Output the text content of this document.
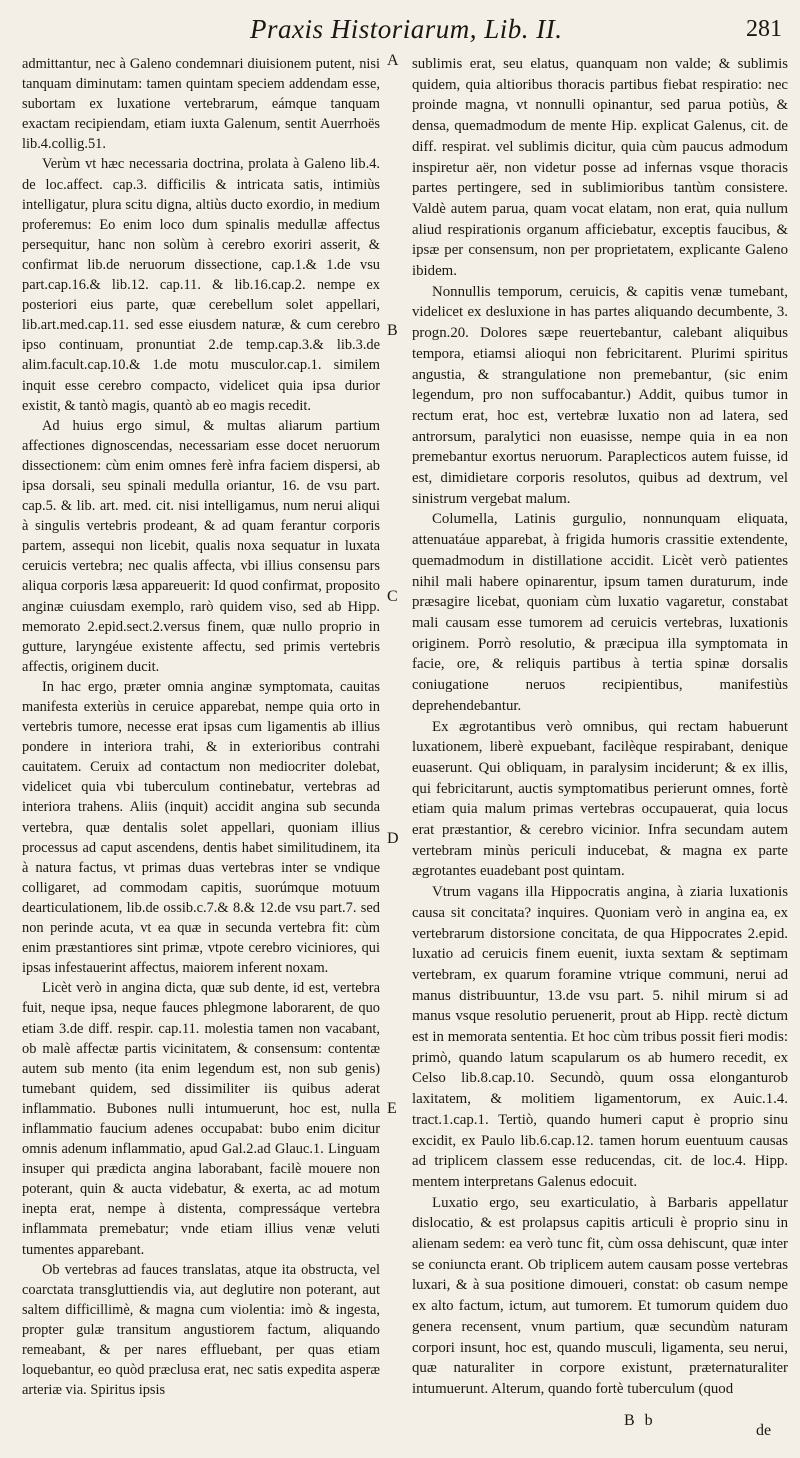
Praxis Historiarum, Lib. II.	281

admittantur, nec à Galeno condemnari diuisionem putent, nisi tanquam diminutam: tamen quintam speciem addendam esse, subortam ex luxatione vertebrarum, eámque tanquam exactam recipiendam, etiam iuxta Galenum, sentit Auerrhoës lib.4.collig.51.

Verùm vt hæc necessaria doctrina, prolata à Galeno lib.4. de loc.affect. cap.3. difficilis & intricata satis, intimiùs intelligatur, plura scitu digna, altiùs ducto exordio, in medium proferemus: Eo enim loco dum spinalis medullæ affectus persequitur, hanc non solùm à cerebro exoriri asserit, & confirmat lib.de neruorum dissectione, cap.1.& 1.de vsu part.cap.16.& lib.12. cap.11. & lib.16.cap.2. nempe ex posteriori eius parte, quæ cerebellum solet appellari, lib.art.med.cap.11. sed esse eiusdem naturæ, & cum cerebro ipso continuam, pronuntiat 2.de temp.cap.3.& lib.3.de alim.facult.cap.10.& 1.de motu musculor.cap.1. similem inquit esse cerebro compacto, videlicet quia ipsa durior existit, & tantò magis, quantò ab eo magis recedit.

Ad huius ergo simul, & multas aliarum partium affectiones dignoscendas, necessariam esse docet neruorum dissectionem: cùm enim omnes ferè infra faciem dispersi, ab ipsa dorsali, seu spinali medulla oriantur, 16. de vsu part. cap.5. & lib. art. med. cit. nisi intelligamus, num nerui aliqui à singulis vertebris prodeant, & ad quam ferantur corporis partem, assequi non licebit, qualis noxa sequatur in luxata ceruicis vertebra; nec qualis affecta, vbi illius consensu pars aliqua corporis læsa appareuerit: Id quod confirmat, proposito anginæ cuiusdam exemplo, rarò quidem viso, sed ab Hipp. memorato 2.epid.sect.2.versus finem, quæ nullo proprio in gutture, laryngéue existente affectu, sed primis vertebris affectis, originem ducit.

In hac ergo, præter omnia anginæ symptomata, cauitas manifesta exteriùs in ceruice apparebat, nempe quia orto in vertebris tumore, necesse erat ipsas cum ligamentis ab illius pondere in interiora trahi, & in exterioribus contrahi cauitatem. Ceruix ad contactum non mediocriter dolebat, videlicet quia vbi tuberculum continebatur, vertebras ad interiora trahens. Aliis (inquit) accidit angina sub secunda vertebra, quæ dentalis solet appellari, quoniam illius processus ad caput ascendens, dentis habet similitudinem, ita à natura factus, vt primas duas vertebras inter se vndique colligaret, ad commodam capitis, suorúmque motuum dearticulationem, lib.de ossib.c.7.& 8.& 12.de vsu part.7. sed non perinde acuta, vt ea quæ in secunda vertebra fit: cùm enim præstantiores sint primæ, vtpote cerebro viciniores, qui ipsas infestauerint affectus, maiorem inferent noxam.

Licèt verò in angina dicta, quæ sub dente, id est, vertebra fuit, neque ipsa, neque fauces phlegmone laborarent, de quo etiam 3.de diff. respir. cap.11. molestia tamen non vacabant, ob malè affectæ partis vicinitatem, & consensum: contentæ autem sub mento (ita enim legendum est, non sub genis) tumebant quidem, sed dissimiliter iis quibus aderat inflammatio. Bubones nulli intumuerunt, hoc est, nulla inflammatio faucium adenes occupabat: bubo enim dicitur omnis adenum inflammatio, apud Gal.2.ad Glauc.1. Linguam insuper qui prædicta angina laborabant, facilè mouere non poterant, quin & aucta videbatur, & exerta, ac ad motum inepta erat, nempe à distenta, compressáque vertebra inflammata premebatur; vnde etiam illius venæ veluti tumentes apparebant.

Ob vertebras ad fauces translatas, atque ita obstructa, vel coarctata transgluttiendis via, aut deglutire non poterant, aut saltem difficillimè, & magna cum violentia: imò & ingesta, propter gulæ transitum angustiorem factum, aliquando remeabant, & per nares effluebant, per quas etiam loquebantur, eo quòd præclusa erat, nec satis expedita asperæ arteriæ via. Spiritus ipsis

A
B
C
D
E

sublimis erat, seu elatus, quanquam non valde; & sublimis quidem, quia altioribus thoracis partibus fiebat respiratio: nec proinde magna, vt nonnulli opinantur, sed parua potiùs, & densa, quemadmodum de mente Hip. explicat Galenus, cit. de diff. respirat. vel sublimis dicitur, quia cùm paucus admodum inspiretur aër, non videtur posse ad infernas vsque thoracis partes pertingere, sed in sublimioribus tantùm consistere. Valdè autem parua, quam vocat elatam, non erat, quia nullum aliud respirationis organum afficiebatur, exceptis faucibus, & ipsæ per consensum, non per proprietatem, explicante Galeno ibidem.

Nonnullis temporum, ceruicis, & capitis venæ tumebant, videlicet ex desluxione in has partes aliquando decumbente, 3. progn.20. Dolores sæpe reuertebantur, calebant aliquibus tempora, etiamsi alioqui non febricitarent. Plurimi spiritus angustia, & strangulatione non premebantur, (sic enim legendum, pro non suffocabantur.) Addit, quibus tumor in rectum erat, hoc est, vertebræ luxatio non ad latera, sed antrorsum, paralytici non euasisse, nempe quia in ea non premebantur exortus neruorum. Paraplecticos autem fuisse, id est, dimidietare corporis resolutos, quibus ad dextrum, vel sinistrum vergebat malum.

Columella, Latinis gurgulio, nonnunquam eliquata, attenuatáue apparebat, à frigida humoris crassitie extendente, quemadmodum in distillatione accidit. Licèt verò patientes nihil mali habere opinarentur, ipsum tamen duraturum, inde præsagire licebat, quoniam cùm luxatio vagaretur, constabat mali causam esse tumorem ad ceruicis vertebras, luxationis originem. Porrò resolutio, & præcipua illa symptomata in facie, ore, & reliquis partibus à tertia spinæ dorsalis coniugatione neruos recipientibus, manifestiùs deprehendebantur.

Ex ægrotantibus verò omnibus, qui rectam habuerunt luxationem, liberè expuebant, facilèque respirabant, denique euaserunt. Qui obliquam, in paralysim inciderunt; & ex illis, qui febricitarunt, auctis symptomatibus perierunt omnes, fortè etiam quia malum primas vertebras occupauerat, quia locus erat præstantior, & cerebro vicinior. Infra secundam autem vertebram minùs periculi inducebat, & magna ex parte ægrotantes euadebant post quintam.

Vtrum vagans illa Hippocratis angina, à ziaria luxationis causa sit concitata? inquires. Quoniam verò in angina ea, ex vertebrarum distorsione concitata, de qua Hippocrates 2.epid. luxatio ad ceruicis finem euenit, iuxta sextam & septimam vertebram, ex quarum foramine vtrique communi, nerui ad manus distribuuntur, 13.de vsu part. 5. nihil mirum si ad manus vsque resolutio peruenerit, prout ab Hipp. rectè dictum est in memorata sententia. Et hoc cùm tribus possit fieri modis: primò, quando latum scapularum os ab humero recedit, ex Celso lib.8.cap.10. Secundò, quum ossa elonganturob laxitatem, & molitiem ligamentorum, ex Auic.1.4. tract.1.cap.1. Tertiò, quando humeri caput è proprio sinu excidit, ex Paulo lib.6.cap.12. tamen horum euentuum causas ad triplicem classem esse reducendas, cit. de loc.4. Hipp. mentem interpretans Galenus edocuit.

Luxatio ergo, seu exarticulatio, à Barbaris appellatur dislocatio, & est prolapsus capitis articuli è proprio sinu in alienam sedem: ea verò tunc fit, cùm ossa dehiscunt, quæ inter se coniuncta erant. Ob triplicem autem causam posse vertebras luxari, & à sua positione dimoueri, constat: ob casum nempe ex alto factum, ictum, aut tumorem. Et tumorum quidem duo genera recensent, vnum partium, quæ secundùm naturam corpori insunt, hoc est, quando musculi, ligamenta, seu nerui, quæ naturaliter in corpore existunt, præternaturaliter intumuerunt. Alterum, quando fortè tuberculum (quod

B b
de
